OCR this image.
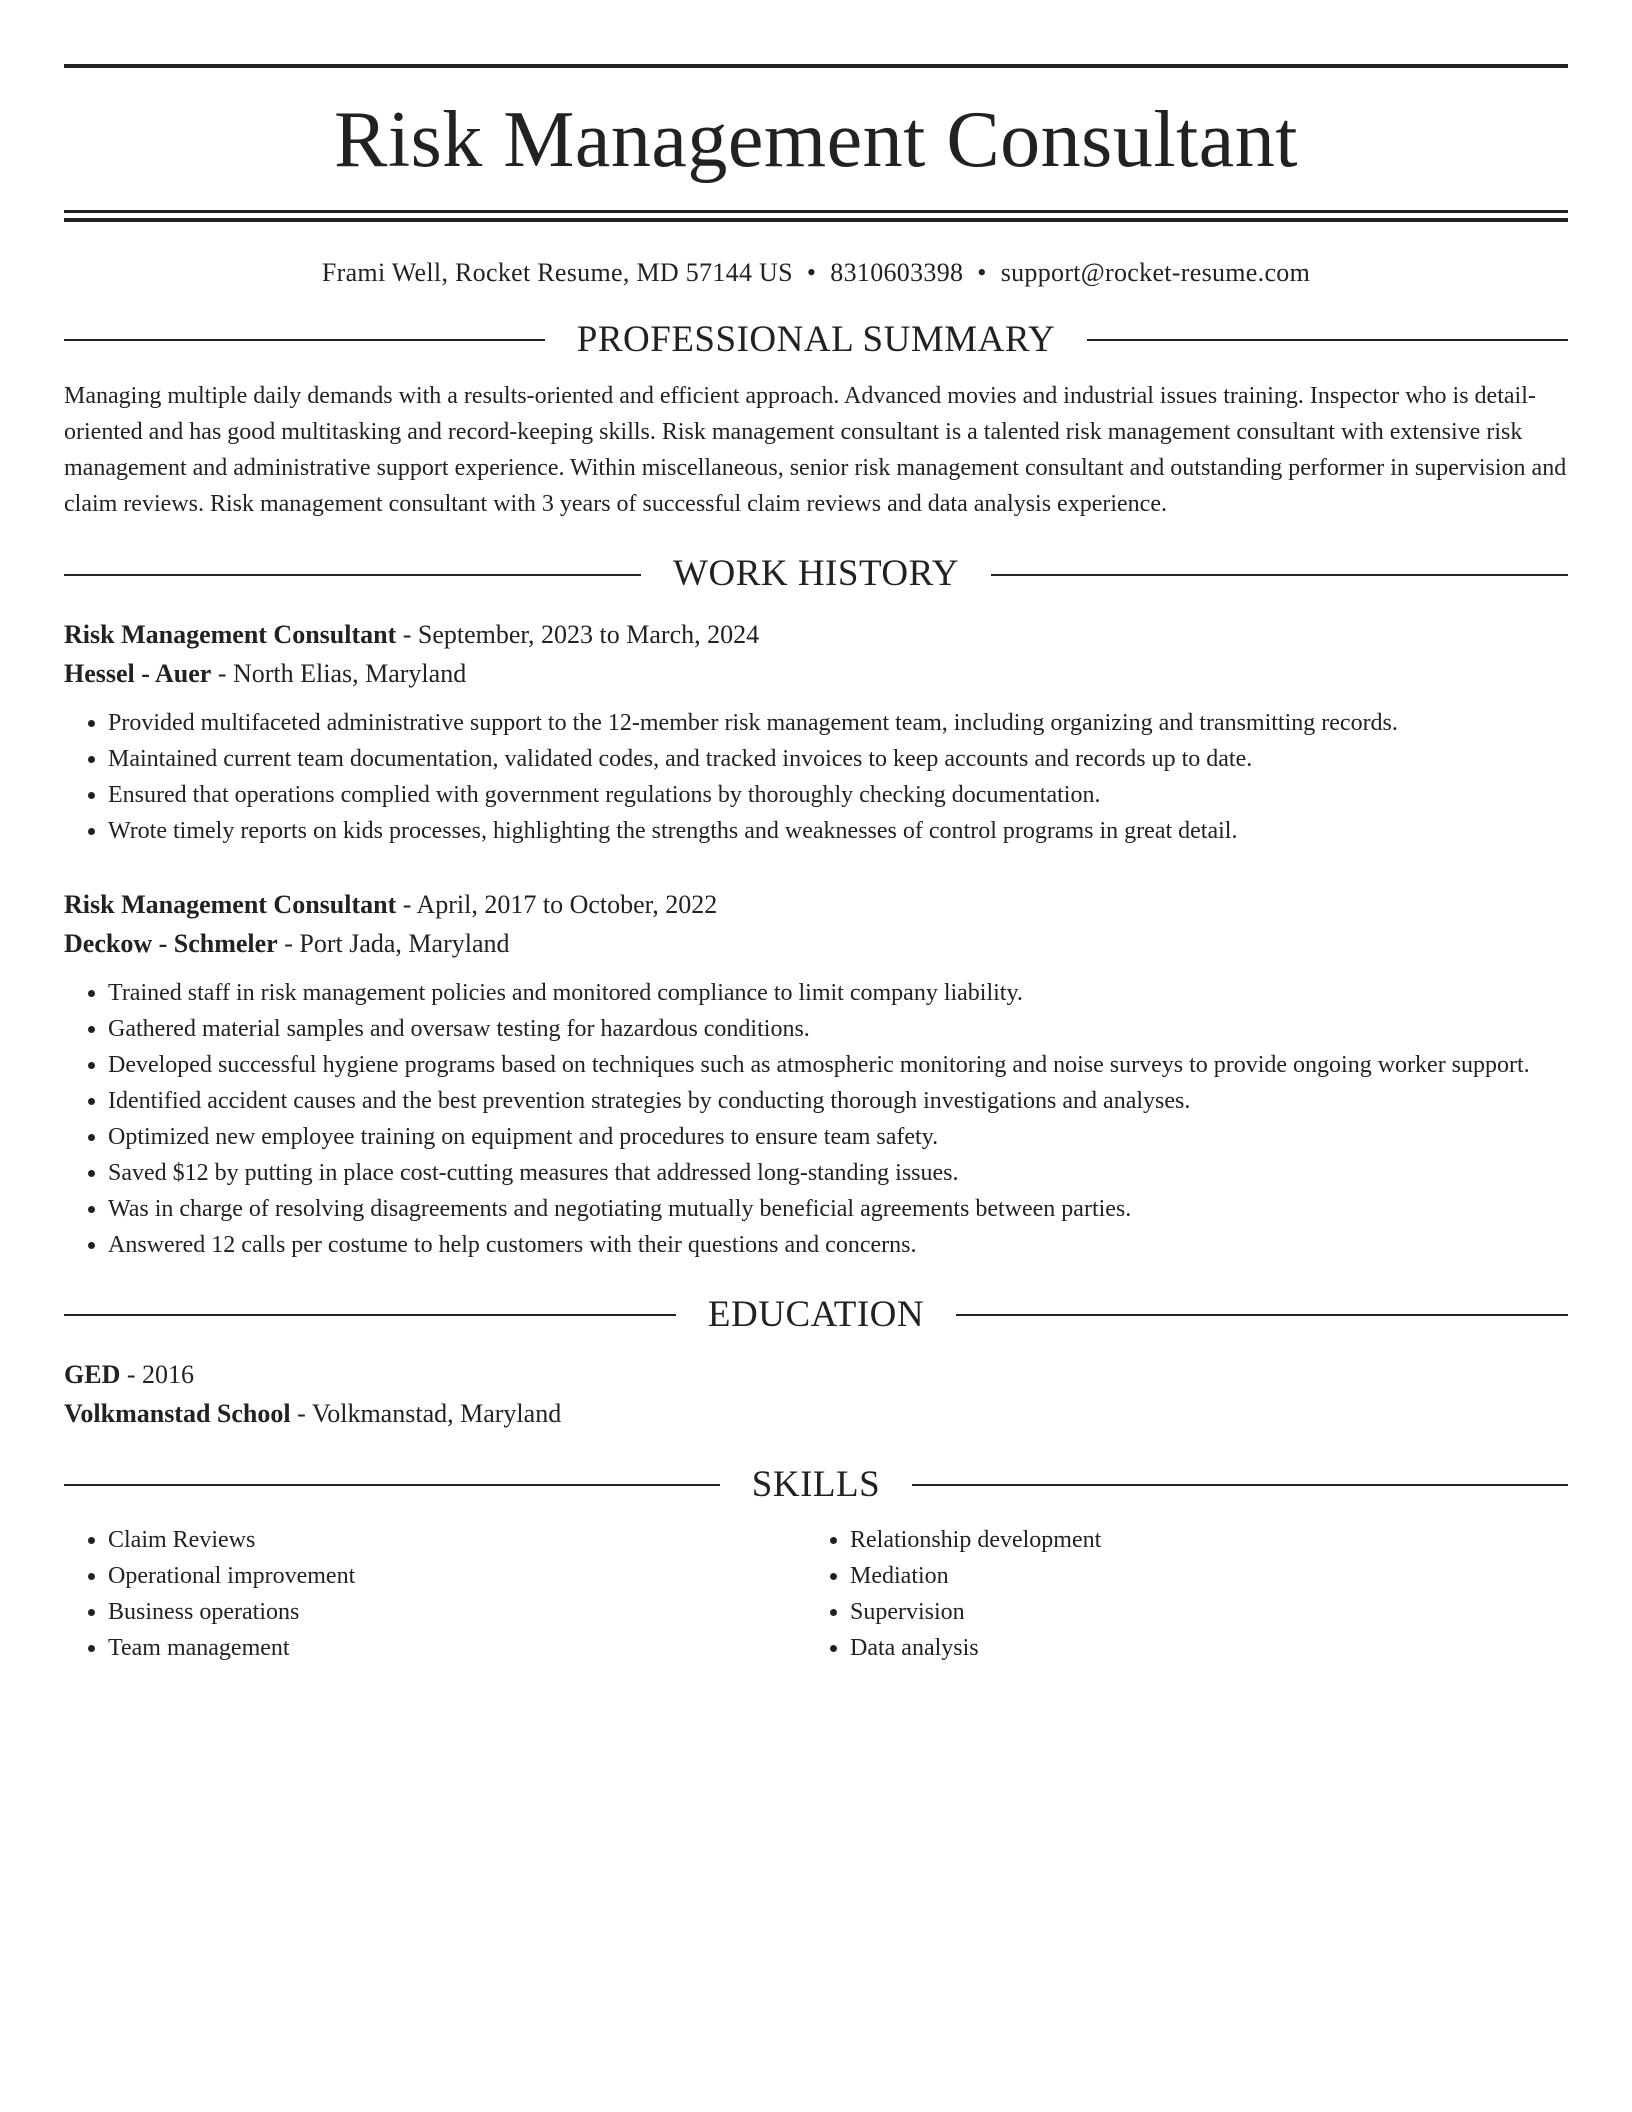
Risk Management Consultant
Frami Well, Rocket Resume, MD 57144 US • 8310603398 • support@rocket-resume.com
PROFESSIONAL SUMMARY
Managing multiple daily demands with a results-oriented and efficient approach. Advanced movies and industrial issues training. Inspector who is detail-oriented and has good multitasking and record-keeping skills. Risk management consultant is a talented risk management consultant with extensive risk management and administrative support experience. Within miscellaneous, senior risk management consultant and outstanding performer in supervision and claim reviews. Risk management consultant with 3 years of successful claim reviews and data analysis experience.
WORK HISTORY
Risk Management Consultant - September, 2023 to March, 2024
Hessel - Auer - North Elias, Maryland
• Provided multifaceted administrative support to the 12-member risk management team, including organizing and transmitting records.
• Maintained current team documentation, validated codes, and tracked invoices to keep accounts and records up to date.
• Ensured that operations complied with government regulations by thoroughly checking documentation.
• Wrote timely reports on kids processes, highlighting the strengths and weaknesses of control programs in great detail.
Risk Management Consultant - April, 2017 to October, 2022
Deckow - Schmeler - Port Jada, Maryland
• Trained staff in risk management policies and monitored compliance to limit company liability.
• Gathered material samples and oversaw testing for hazardous conditions.
• Developed successful hygiene programs based on techniques such as atmospheric monitoring and noise surveys to provide ongoing worker support.
• Identified accident causes and the best prevention strategies by conducting thorough investigations and analyses.
• Optimized new employee training on equipment and procedures to ensure team safety.
• Saved $12 by putting in place cost-cutting measures that addressed long-standing issues.
• Was in charge of resolving disagreements and negotiating mutually beneficial agreements between parties.
• Answered 12 calls per costume to help customers with their questions and concerns.
EDUCATION
GED - 2016
Volkmanstad School - Volkmanstad, Maryland
SKILLS
• Claim Reviews
• Operational improvement
• Business operations
• Team management
• Relationship development
• Mediation
• Supervision
• Data analysis
